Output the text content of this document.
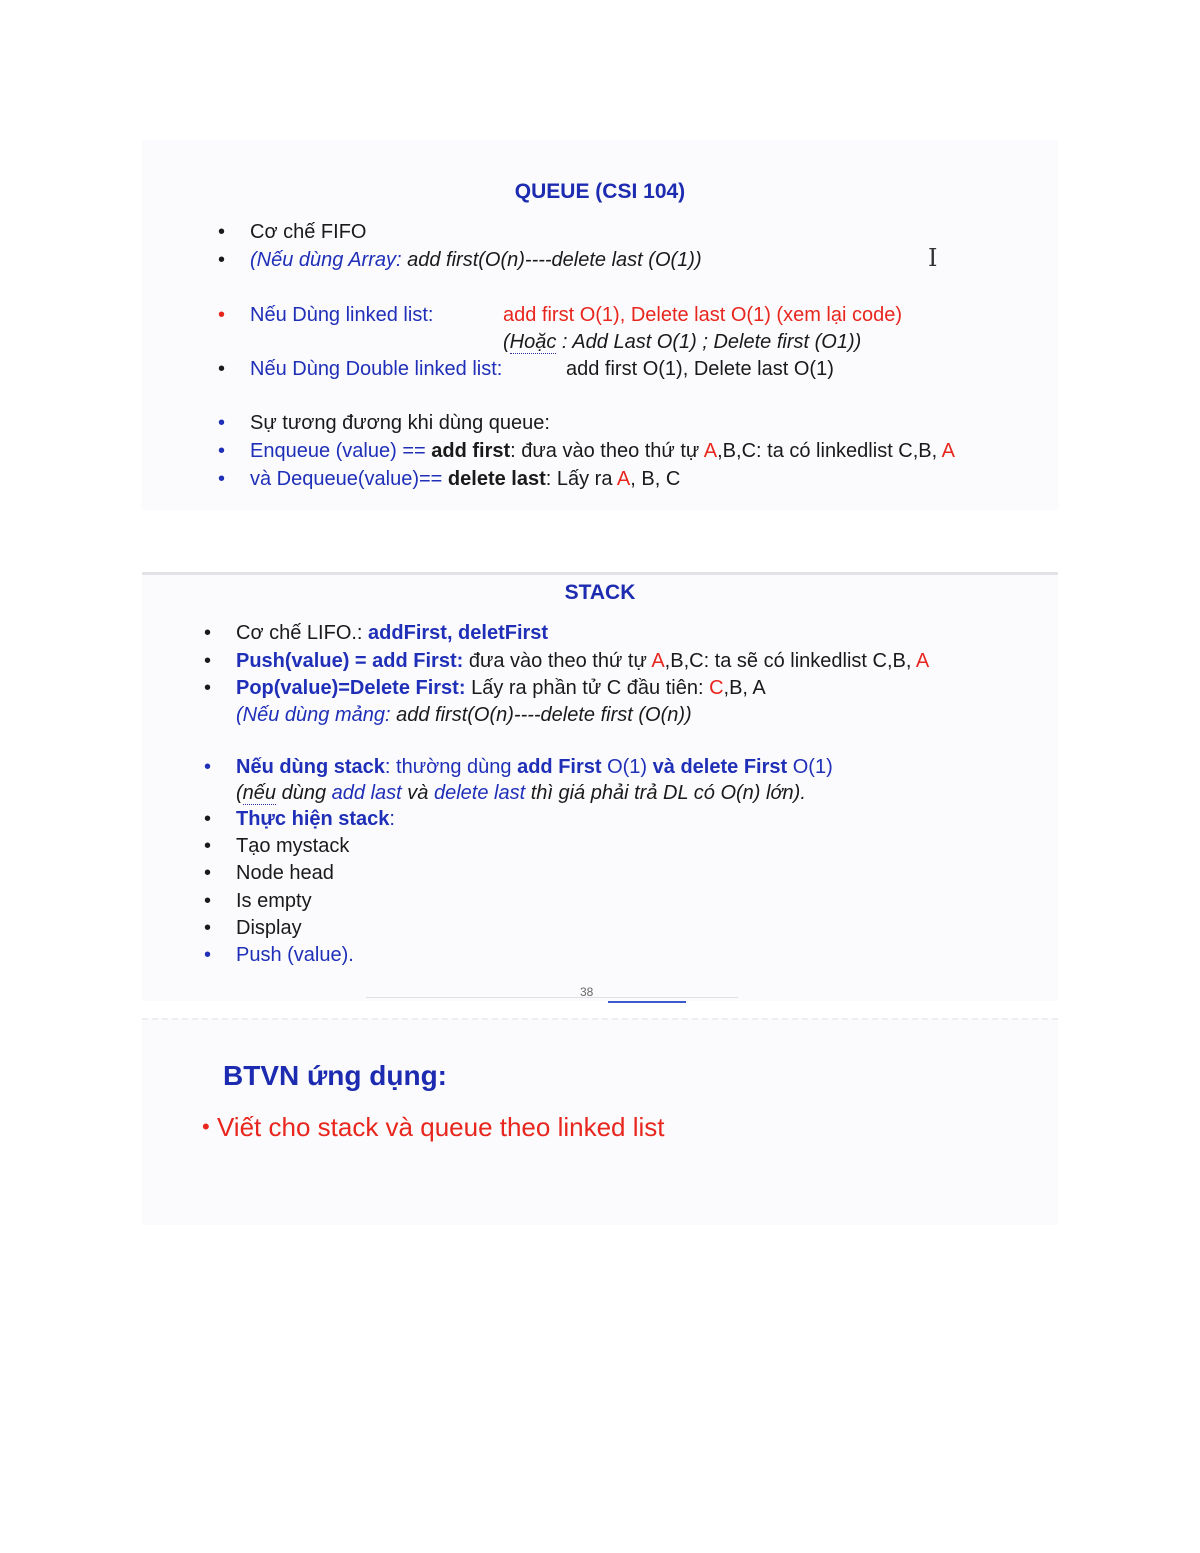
QUEUE (CSI 104)
• Cơ chế FIFO
• (Nếu dùng Array: add first(O(n)----delete last (O(1))
• Nếu Dùng linked list:	add first O(1), Delete last O(1) (xem lại code)
(Hoặc : Add Last O(1) ; Delete first (O1))
• Nếu Dùng Double linked list:	add first O(1), Delete last O(1)
• Sự tương đương khi dùng queue:
• Enqueue (value) == add first: đưa vào theo thứ tự A,B,C: ta có linkedlist C,B, A
• và Dequeue(value)== delete last: Lấy ra A, B, C
I
STACK
• Cơ chế LIFO.: addFirst, deletFirst
• Push(value) = add First: đưa vào theo thứ tự A,B,C: ta sẽ có linkedlist C,B, A
• Pop(value)=Delete First: Lấy ra phần tử C đầu tiên: C,B, A
(Nếu dùng mảng: add first(O(n)----delete first (O(n))
• Nếu dùng stack: thường dùng add First O(1) và delete First O(1)
(nếu dùng add last và delete last thì giá phải trả DL có O(n) lớn).
• Thực hiện stack:
• Tạo mystack
• Node head
• Is empty
• Display
• Push (value).
38
BTVN ứng dụng:
• Viết cho stack và queue theo linked list
